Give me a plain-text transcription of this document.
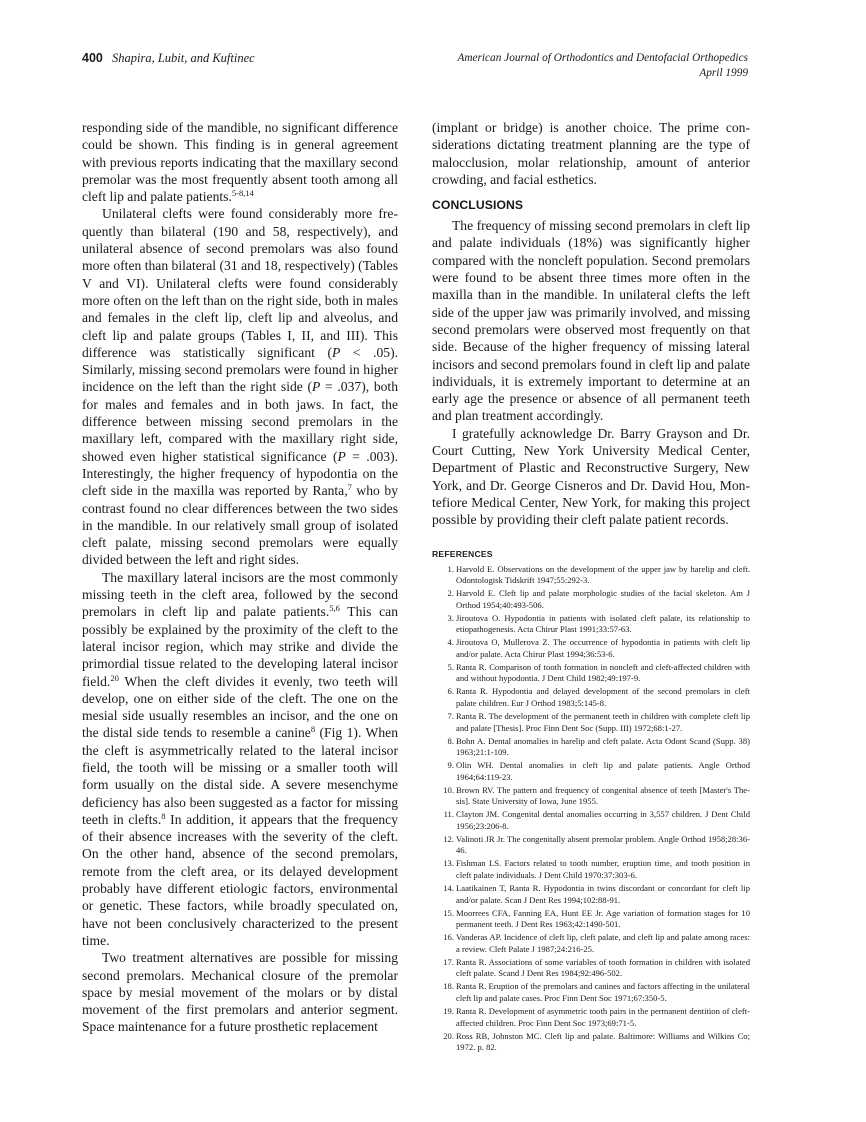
400 Shapira, Lubit, and Kuftinec	American Journal of Orthodontics and Dentofacial Orthopedics
April 1999

responding side of the mandible, no significant difference could be shown. This finding is in general agreement with previous reports indicating that the maxillary second premolar was the most frequently absent tooth among all cleft lip and palate patients.$^{5-8,14}$

Unilateral clefts were found considerably more frequently than bilateral (190 and 58, respectively), and unilateral absence of second premolars was also found more often than bilateral (31 and 18, respectively) (Tables V and VI). Unilateral clefts were found considerably more often on the left than on the right side, both in males and females in the cleft lip, cleft lip and alveolus, and cleft lip and palate groups (Tables I, II, and III). This difference was statistically significant (P < .05). Similarly, missing second premolars were found in higher incidence on the left than the right side (P = .037), both for males and females and in both jaws. In fact, the difference between missing second premolars in the maxillary left, compared with the maxillary right side, showed even higher statistical significance (P = .003). Interestingly, the higher frequency of hypodontia on the cleft side in the maxilla was reported by Ranta,$^7$ who by contrast found no clear differences between the two sides in the mandible. In our relatively small group of isolated cleft palate, missing second premolars were equally divided between the left and right sides.

The maxillary lateral incisors are the most commonly missing teeth in the cleft area, followed by the second premolars in cleft lip and palate patients.$^{5,6}$ This can possibly be explained by the proximity of the cleft to the lateral incisor region, which may strike and divide the primordial tissue related to the developing lateral incisor field.$^{20}$ When the cleft divides it evenly, two teeth will develop, one on either side of the cleft. The one on the mesial side usually resembles an incisor, and the one on the distal side tends to resemble a canine$^8$ (Fig 1). When the cleft is asymmetrically related to the lateral incisor field, the tooth will be missing or a smaller tooth will form usually on the distal side. A severe mesenchyme deficiency has also been suggested as a factor for missing teeth in clefts.$^8$ In addition, it appears that the frequency of their absence increases with the severity of the cleft. On the other hand, absence of the second premolars, remote from the cleft area, or its delayed development probably have different etiologic factors, environmental or genetic. These factors, while broadly speculated on, have not been conclusively characterized to the present time.

Two treatment alternatives are possible for missing second premolars. Mechanical closure of the premolar space by mesial movement of the molars or by distal movement of the first premolars and anterior segment. Space maintenance for a future prosthetic replacement

(implant or bridge) is another choice. The prime considerations dictating treatment planning are the type of malocclusion, molar relationship, amount of anterior crowding, and facial esthetics.

CONCLUSIONS

The frequency of missing second premolars in cleft lip and palate individuals (18%) was significantly higher compared with the noncleft population. Second premolars were found to be absent three times more often in the maxilla than in the mandible. In unilateral clefts the left side of the upper jaw was primarily involved, and missing second premolars were observed most frequently on that side. Because of the higher frequency of missing lateral incisors and second premolars found in cleft lip and palate individuals, it is extremely important to determine at an early age the presence or absence of all permanent teeth and plan treatment accordingly.

I gratefully acknowledge Dr. Barry Grayson and Dr. Court Cutting, New York University Medical Center, Department of Plastic and Reconstructive Surgery, New York, and Dr. George Cisneros and Dr. David Hou, Montefiore Medical Center, New York, for making this project possible by providing their cleft palate patient records.

REFERENCES
1. Harvold E. Observations on the development of the upper jaw by harelip and cleft. Odontologisk Tidskrift 1947;55:292-3.
2. Harvold E. Cleft lip and palate morphologic studies of the facial skeleton. Am J Orthod 1954;40:493-506.
3. Jiroutova O. Hypodontia in patients with isolated cleft palate, its relationship to etiopathogenesis. Acta Chirur Plast 1991;33:57-63.
4. Jiroutova O, Mullerova Z. The occurrence of hypodontia in patients with cleft lip and/or palate. Acta Chirur Plast 1994;36:53-6.
5. Ranta R. Comparison of tooth formation in noncleft and cleft-affected children with and without hypodontia. J Dent Child 1982;49:197-9.
6. Ranta R. Hypodontia and delayed development of the second premolars in cleft palate children. Eur J Orthod 1983;5:145-8.
7. Ranta R. The development of the permanent teeth in children with complete cleft lip and palate [Thesis]. Proc Finn Dent Soc (Supp. III) 1972;68:1-27.
8. Bohn A. Dental anomalies in harelip and cleft palate. Acta Odont Scand (Supp. 38) 1963;21:1-109.
9. Olin WH. Dental anomalies in cleft lip and palate patients. Angle Orthod 1964;64:119-23.
10. Brown RV. The pattern and frequency of congenital absence of teeth [Master's Thesis]. State University of Iowa, June 1955.
11. Clayton JM. Congenital dental anomalies occurring in 3,557 children. J Dent Child 1956;23:206-8.
12. Valinoti JR Jr. The congenitally absent premolar problem. Angle Orthod 1958;28:36-46.
13. Fishman LS. Factors related to tooth number, eruption time, and tooth position in cleft palate individuals. J Dent Child 1970:37:303-6.
14. Laatikainen T, Ranta R. Hypodontia in twins discordant or concordant for cleft lip and/or palate. Scan J Dent Res 1994;102:88-91.
15. Moorrees CFA, Fanning EA, Hunt EE Jr. Age variation of formation stages for 10 permanent teeth. J Dent Res 1963;42:1490-501.
16. Vanderas AP. Incidence of cleft lip, cleft palate, and cleft lip and palate among races: a review. Cleft Palate J 1987;24:216-25.
17. Ranta R. Associations of some variables of tooth formation in children with isolated cleft palate. Scand J Dent Res 1984;92:496-502.
18. Ranta R. Eruption of the premolars and canines and factors affecting in the unilateral cleft lip and palate cases. Proc Finn Dent Soc 1971;67:350-5.
19. Ranta R. Development of asymmetric tooth pairs in the permanent dentition of cleft-affected children. Proc Finn Dent Soc 1973;69:71-5.
20. Ross RB, Johnston MC. Cleft lip and palate. Baltimore: Williams and Wilkins Co; 1972. p. 82.
